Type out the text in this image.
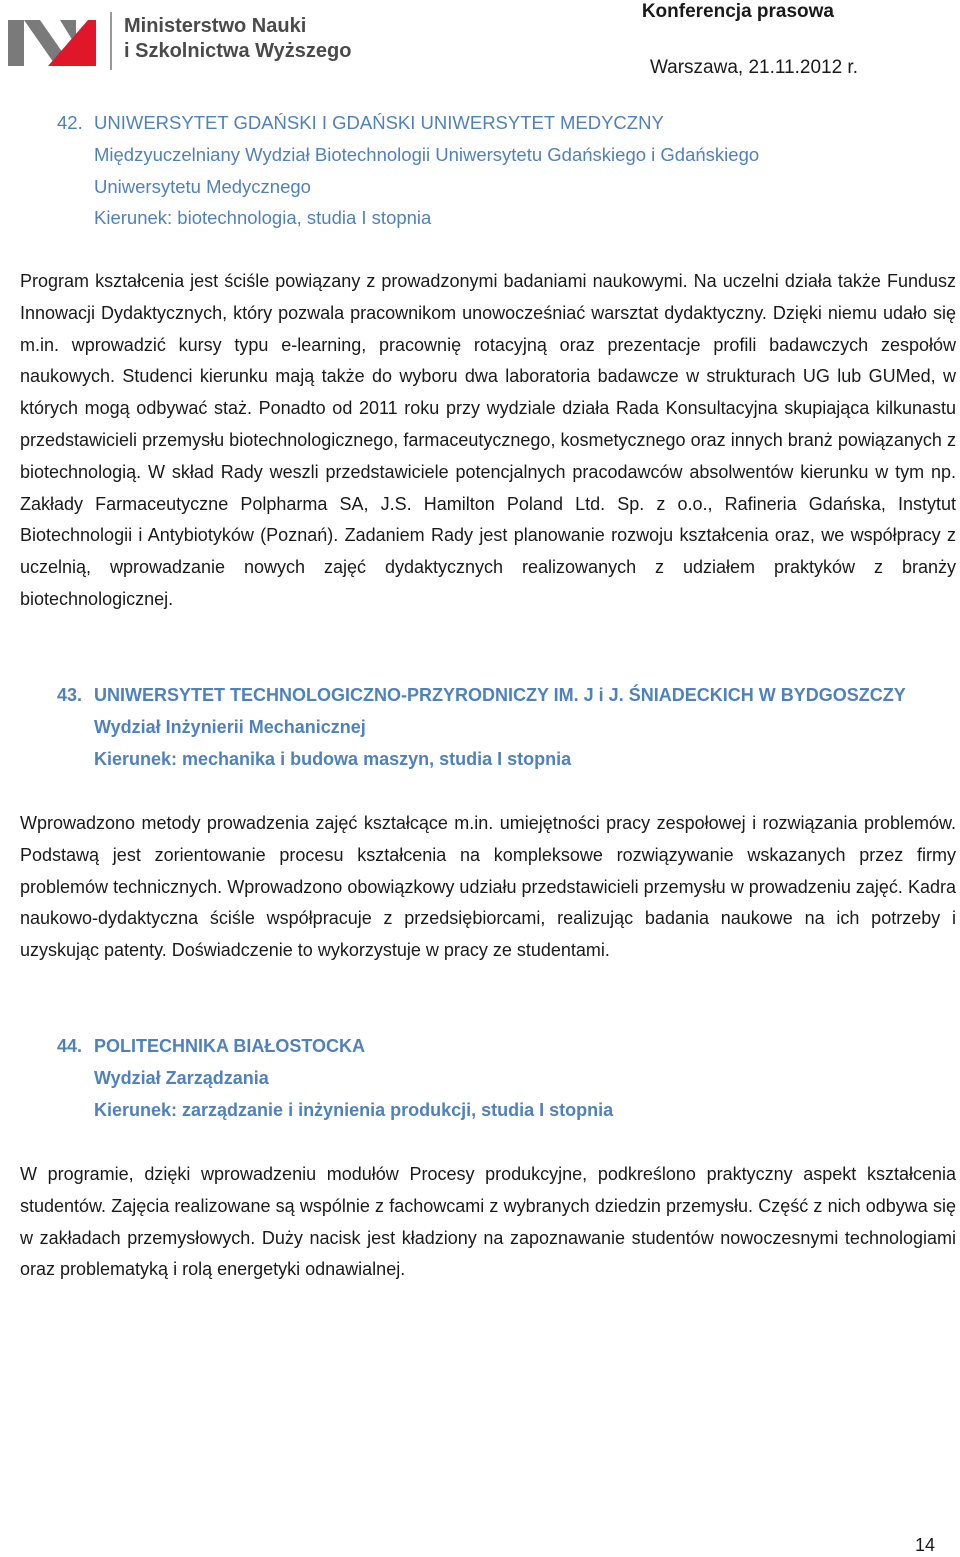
Ministerstwo Nauki
i Szkolnictwa Wyższego
Konferencja prasowa
Warszawa, 21.11.2012 r.
42. UNIWERSYTET GDAŃSKI I GDAŃSKI UNIWERSYTET MEDYCZNY
Międzyuczelniany Wydział Biotechnologii Uniwersytetu Gdańskiego i Gdańskiego
Uniwersytetu Medycznego
Kierunek: biotechnologia, studia I stopnia
Program kształcenia jest ściśle powiązany z prowadzonymi badaniami naukowymi. Na uczelni działa także Fundusz Innowacji Dydaktycznych, który pozwala pracownikom unowocześniać warsztat dydaktyczny. Dzięki niemu udało się m.in. wprowadzić kursy typu e-learning, pracownię rotacyjną oraz prezentacje profili badawczych zespołów naukowych. Studenci kierunku mają także do wyboru dwa laboratoria badawcze w strukturach UG lub GUMed, w których mogą odbywać staż. Ponadto od 2011 roku przy wydziale działa Rada Konsultacyjna skupiająca kilkunastu przedstawicieli przemysłu biotechnologicznego, farmaceutycznego, kosmetycznego oraz innych branż powiązanych z biotechnologią. W skład Rady weszli przedstawiciele potencjalnych pracodawców absolwentów kierunku w tym np. Zakłady Farmaceutyczne Polpharma SA, J.S. Hamilton Poland Ltd. Sp. z o.o., Rafineria Gdańska, Instytut Biotechnologii i Antybiotyków (Poznań). Zadaniem Rady jest planowanie rozwoju kształcenia oraz, we współpracy z uczelnią, wprowadzanie nowych zajęć dydaktycznych realizowanych z udziałem praktyków z branży biotechnologicznej.
43. UNIWERSYTET TECHNOLOGICZNO-PRZYRODNICZY IM. J i J. ŚNIADECKICH W BYDGOSZCZY
Wydział Inżynierii Mechanicznej
Kierunek: mechanika i budowa maszyn, studia I stopnia
Wprowadzono metody prowadzenia zajęć kształcące m.in. umiejętności pracy zespołowej i rozwiązania problemów. Podstawą jest zorientowanie procesu kształcenia na kompleksowe rozwiązywanie wskazanych przez firmy problemów technicznych. Wprowadzono obowiązkowy udziału przedstawicieli przemysłu w prowadzeniu zajęć. Kadra naukowo-dydaktyczna ściśle współpracuje z przedsiębiorcami, realizując badania naukowe na ich potrzeby i uzyskując patenty. Doświadczenie to wykorzystuje w pracy ze studentami.
44. POLITECHNIKA BIAŁOSTOCKA
Wydział Zarządzania
Kierunek: zarządzanie i inżynienia produkcji, studia I stopnia
W programie, dzięki wprowadzeniu modułów Procesy produkcyjne, podkreślono praktyczny aspekt kształcenia studentów. Zajęcia realizowane są wspólnie z fachowcami z wybranych dziedzin przemysłu. Część z nich odbywa się w zakładach przemysłowych. Duży nacisk jest kładziony na zapoznawanie studentów nowoczesnymi technologiami oraz problematyką i rolą energetyki odnawialnej.
14
